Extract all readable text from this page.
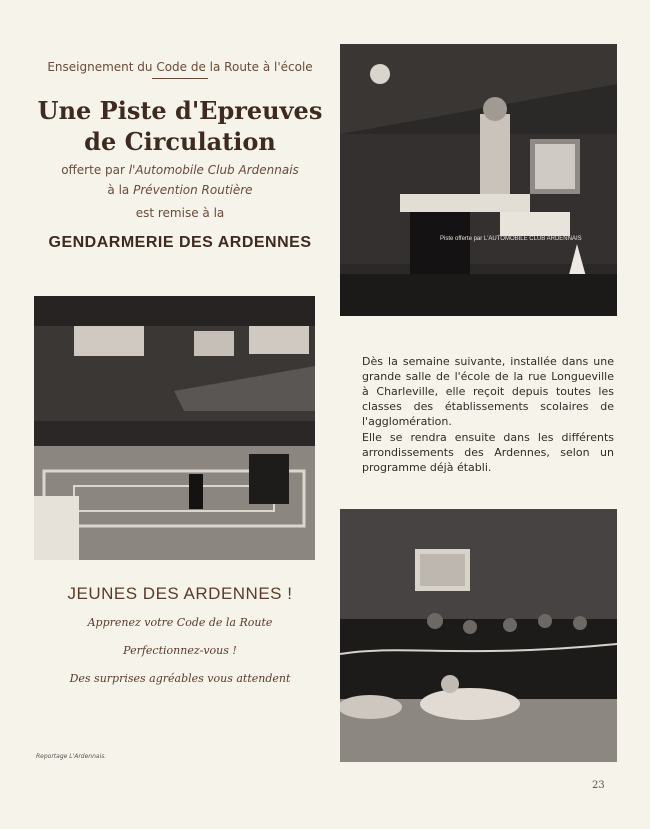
Enseignement du Code de la Route à l'école
Une Piste d'Epreuves
de Circulation
offerte par l'Automobile Club Ardennais
à la Prévention Routière
est remise à la
GENDARMERIE DES ARDENNES	Piste offerte par L'AUTOMOBILE CLUB ARDENNAIS
Dès la semaine suivante, installée dans une grande salle de l'école de la rue Longueville à Charleville, elle reçoit depuis toutes les classes des établissements scolaires de l'agglomération.
Elle se rendra ensuite dans les différents arrondissements des Ardennes, selon un programme déjà établi.
JEUNES DES ARDENNES !
Apprenez votre Code de la Route
Perfectionnez-vous !
Des surprises agréables vous attendent
Reportage L'Ardennais.
23
